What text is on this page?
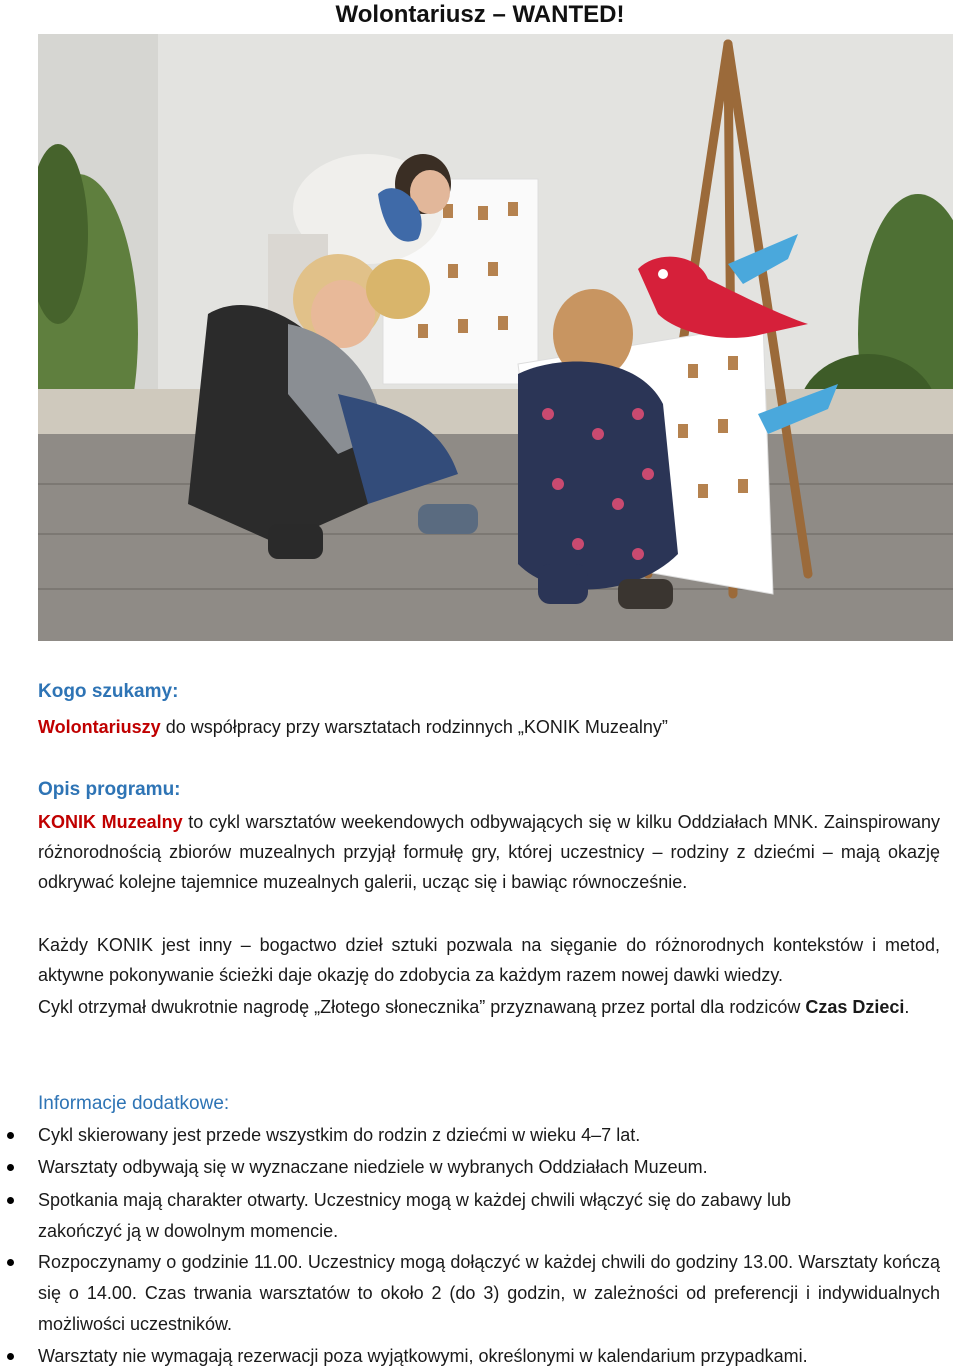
Wolontariusz – WANTED!
Kogo szukamy:
Wolontariuszy do współpracy przy warsztatach rodzinnych „KONIK Muzealny”
Opis programu:
KONIK Muzealny to cykl warsztatów weekendowych odbywających się w kilku Oddziałach MNK. Zainspirowany różnorodnością zbiorów muzealnych przyjął formułę gry, której uczestnicy – rodziny z dziećmi – mają okazję odkrywać kolejne tajemnice muzealnych galerii, ucząc się i bawiąc równocześnie.
Każdy KONIK jest inny – bogactwo dzieł sztuki pozwala na sięganie do różnorodnych kontekstów i metod, aktywne pokonywanie ścieżki daje okazję do zdobycia za każdym razem nowej dawki wiedzy.
Cykl otrzymał dwukrotnie nagrodę „Złotego słonecznika” przyznawaną przez portal dla rodziców Czas Dzieci.
Informacje dodatkowe:
Cykl skierowany jest przede wszystkim do rodzin z dziećmi w wieku 4–7 lat.
Warsztaty odbywają się w wyznaczane niedziele w wybranych Oddziałach Muzeum.
Spotkania mają charakter otwarty. Uczestnicy mogą w każdej chwili włączyć się do zabawy lub zakończyć ją w dowolnym momencie.
Rozpoczynamy o godzinie 11.00. Uczestnicy mogą dołączyć w każdej chwili do godziny 13.00. Warsztaty kończą się o 14.00. Czas trwania warsztatów to około 2 (do 3) godzin, w zależności od preferencji i indywidualnych możliwości uczestników.
Warsztaty nie wymagają rezerwacji poza wyjątkowymi, określonymi w kalendarium przypadkami.
